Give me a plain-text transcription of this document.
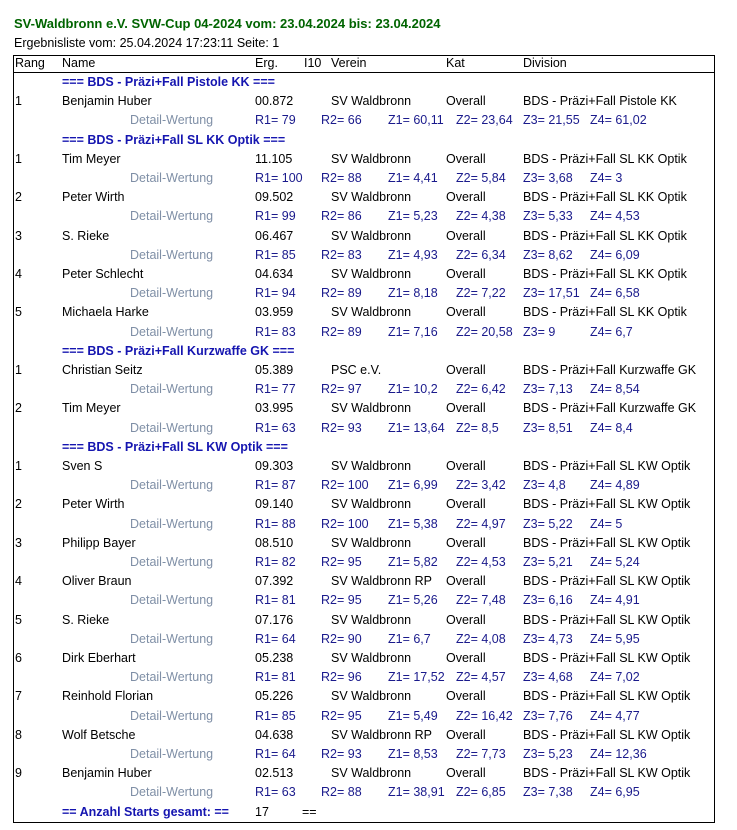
SV-Waldbronn e.V. SVW-Cup 04-2024 vom: 23.04.2024 bis: 23.04.2024
Ergebnisliste vom: 25.04.2024 17:23:11 Seite: 1
Rang Name	Erg. I10 Verein	Kat	Division
=== BDS - Präzi+Fall Pistole KK ===
1	Benjamin Huber	00.872	SV Waldbronn	Overall	BDS - Präzi+Fall Pistole KK
Detail-Wertung	R1= 79 R2= 66 Z1= 60,11 Z2= 23,64 Z3= 21,55 Z4= 61,02
=== BDS - Präzi+Fall SL KK Optik ===
1	Tim Meyer	11.105	SV Waldbronn	Overall	BDS - Präzi+Fall SL KK Optik
Detail-Wertung	R1= 100 R2= 88 Z1= 4,41 Z2= 5,84 Z3= 3,68 Z4= 3
2	Peter Wirth	09.502	SV Waldbronn	Overall	BDS - Präzi+Fall SL KK Optik
Detail-Wertung	R1= 99 R2= 86 Z1= 5,23 Z2= 4,38 Z3= 5,33 Z4= 4,53
3	S. Rieke	06.467	SV Waldbronn	Overall	BDS - Präzi+Fall SL KK Optik
Detail-Wertung	R1= 85 R2= 83 Z1= 4,93 Z2= 6,34 Z3= 8,62 Z4= 6,09
4	Peter Schlecht	04.634	SV Waldbronn	Overall	BDS - Präzi+Fall SL KK Optik
Detail-Wertung	R1= 94 R2= 89 Z1= 8,18 Z2= 7,22 Z3= 17,51 Z4= 6,58
5	Michaela Harke	03.959	SV Waldbronn	Overall	BDS - Präzi+Fall SL KK Optik
Detail-Wertung	R1= 83 R2= 89 Z1= 7,16 Z2= 20,58 Z3= 9	Z4= 6,7
=== BDS - Präzi+Fall Kurzwaffe GK ===
1	Christian Seitz	05.389	PSC e.V.	Overall	BDS - Präzi+Fall Kurzwaffe GK
Detail-Wertung	R1= 77 R2= 97 Z1= 10,2 Z2= 6,42 Z3= 7,13 Z4= 8,54
2	Tim Meyer	03.995	SV Waldbronn	Overall	BDS - Präzi+Fall Kurzwaffe GK
Detail-Wertung	R1= 63 R2= 93 Z1= 13,64 Z2= 8,5 Z3= 8,51 Z4= 8,4
=== BDS - Präzi+Fall SL KW Optik ===
1	Sven S	09.303	SV Waldbronn	Overall	BDS - Präzi+Fall SL KW Optik
Detail-Wertung	R1= 87 R2= 100 Z1= 6,99 Z2= 3,42 Z3= 4,8 Z4= 4,89
2	Peter Wirth	09.140	SV Waldbronn	Overall	BDS - Präzi+Fall SL KW Optik
Detail-Wertung	R1= 88 R2= 100 Z1= 5,38 Z2= 4,97 Z3= 5,22 Z4= 5
3	Philipp Bayer	08.510	SV Waldbronn	Overall	BDS - Präzi+Fall SL KW Optik
Detail-Wertung	R1= 82 R2= 95 Z1= 5,82 Z2= 4,53 Z3= 5,21 Z4= 5,24
4	Oliver Braun	07.392	SV Waldbronn RP Overall	BDS - Präzi+Fall SL KW Optik
Detail-Wertung	R1= 81 R2= 95 Z1= 5,26 Z2= 7,48 Z3= 6,16 Z4= 4,91
5	S. Rieke	07.176	SV Waldbronn	Overall	BDS - Präzi+Fall SL KW Optik
Detail-Wertung	R1= 64 R2= 90 Z1= 6,7 Z2= 4,08 Z3= 4,73 Z4= 5,95
6	Dirk Eberhart	05.238	SV Waldbronn	Overall	BDS - Präzi+Fall SL KW Optik
Detail-Wertung	R1= 81 R2= 96 Z1= 17,52 Z2= 4,57 Z3= 4,68 Z4= 7,02
7	Reinhold Florian	05.226	SV Waldbronn	Overall	BDS - Präzi+Fall SL KW Optik
Detail-Wertung	R1= 85 R2= 95 Z1= 5,49 Z2= 16,42 Z3= 7,76 Z4= 4,77
8	Wolf Betsche	04.638	SV Waldbronn RP Overall	BDS - Präzi+Fall SL KW Optik
Detail-Wertung	R1= 64 R2= 93 Z1= 8,53 Z2= 7,73 Z3= 5,23 Z4= 12,36
9	Benjamin Huber	02.513	SV Waldbronn	Overall	BDS - Präzi+Fall SL KW Optik
Detail-Wertung	R1= 63 R2= 88 Z1= 38,91 Z2= 6,85 Z3= 7,38 Z4= 6,95
== Anzahl Starts gesamt: == 17	==
